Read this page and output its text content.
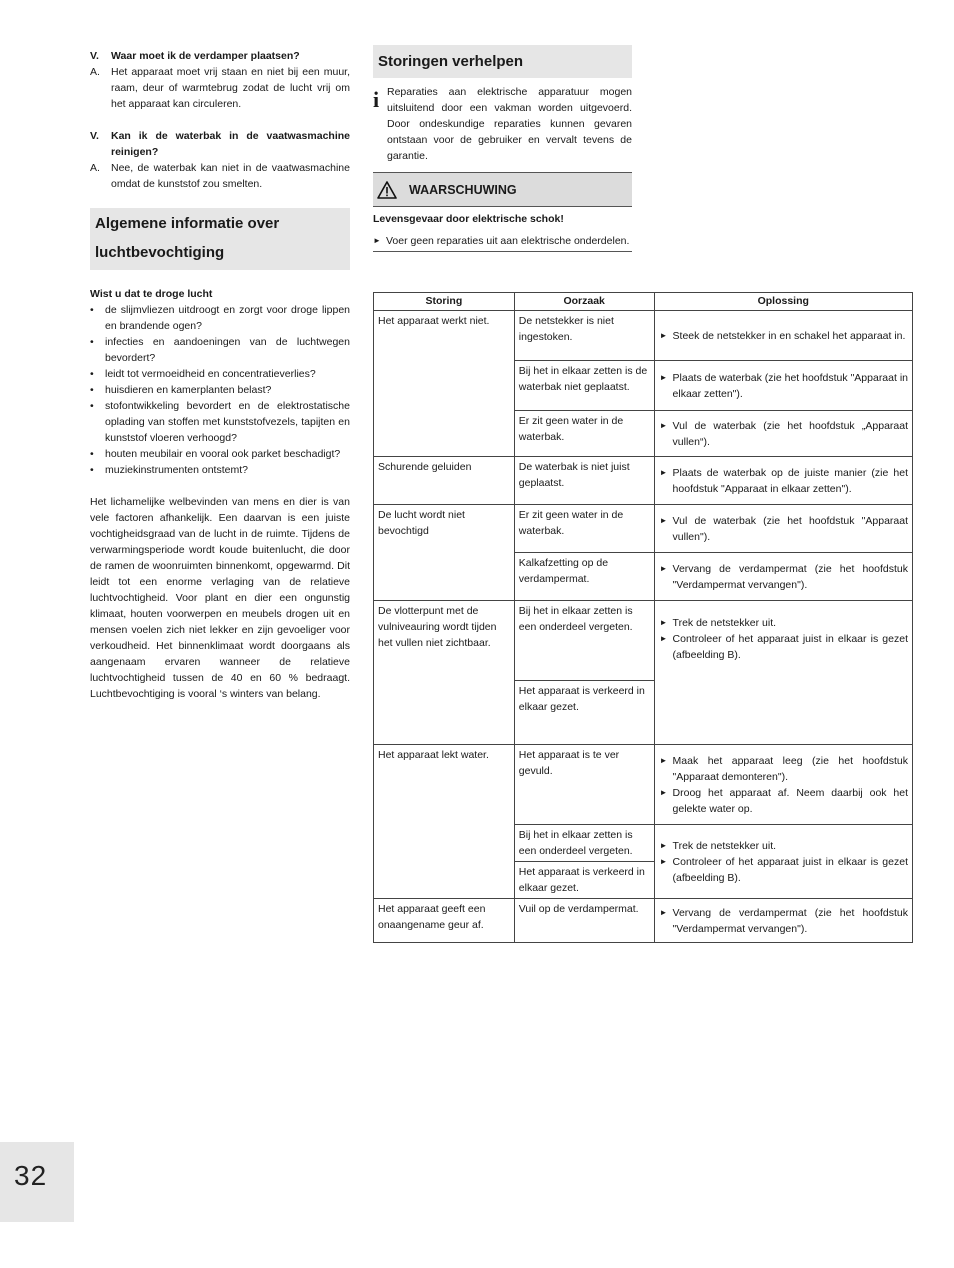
V.	Waar moet ik de verdamper plaatsen?
A.	Het apparaat moet vrij staan en niet bij een muur, raam, deur of warmtebrug zodat de lucht vrij om het apparaat kan circuleren.
V.	Kan ik de waterbak in de vaatwasmachine reinigen?
A.	Nee, de waterbak kan niet in de vaatwasmachine omdat de kunststof zou smelten.
Algemene informatie over luchtbevochtiging
Wist u dat te droge lucht
•	de slijmvliezen uitdroogt en zorgt voor droge lippen en brandende ogen?
•	infecties en aandoeningen van de luchtwegen bevordert?
•	leidt tot vermoeidheid en concentratieverlies?
•	huisdieren en kamerplanten belast?
•	stofontwikkeling bevordert en de elektrostatische oplading van stoffen met kunststofvezels, tapijten en kunststof vloeren verhoogd?
•	houten meubilair en vooral ook parket beschadigt?
•	muziekinstrumenten ontstemt?

Het lichamelijke welbevinden van mens en dier is van vele factoren afhankelijk. Een daarvan is een juiste vochtigheidsgraad van de lucht in de ruimte. Tijdens de verwarmingsperiode wordt koude buitenlucht, die door de ramen de woonruimten binnenkomt, opgewarmd. Dit leidt tot een enorme verlaging van de relatieve luchtvochtigheid. Voor plant en dier een ongunstig klimaat, houten voorwerpen en meubels drogen uit en mensen voelen zich niet lekker en zijn gevoeliger voor verkoudheid. Het binnenklimaat wordt doorgaans als aangenaam ervaren wanneer de relatieve luchtvochtigheid tussen de 40 en 60 % bedraagt. Luchtbevochtiging is vooral ‘s winters van belang.

Storingen verhelpen
i Reparaties aan elektrische apparatuur mogen uitsluitend door een vakman worden uitgevoerd. Door ondeskundige reparaties kunnen gevaren ontstaan voor de gebruiker en vervalt tevens de garantie.
WAARSCHUWING
Levensgevaar door elektrische schok!
► Voer geen reparaties uit aan elektrische onderdelen.
Storing	Oorzaak	Oplossing
Het apparaat werkt niet.	De netstekker is niet ingestoken.	► Steek de netstekker in en schakel het apparaat in.

	Bij het in elkaar zetten is de waterbak niet geplaatst.	► Plaats de waterbak (zie het hoofdstuk "Apparaat in elkaar zetten").

	Er zit geen water in de waterbak.	► Vul de waterbak (zie het hoofdstuk „Apparaat vullen“).

Schurende geluiden	De waterbak is niet juist geplaatst.	► Plaats de waterbak op de juiste manier (zie het hoofdstuk "Apparaat in elkaar zetten").

De lucht wordt niet bevochtigd	Er zit geen water in de waterbak.	► Vul de waterbak (zie het hoofdstuk "Apparaat vullen").

	Kalkafzetting op de verdampermat.	► Vervang de verdampermat (zie het hoofdstuk "Verdampermat vervangen").

De vlotterpunt met de vulniveauring wordt tijden het vullen niet zichtbaar.	Bij het in elkaar zetten is een onderdeel vergeten.	► Trek de netstekker uit.
► Controleer of het apparaat juist in elkaar is gezet (afbeelding B).

	Het apparaat is verkeerd in elkaar gezet.	
Het apparaat lekt water.	Het apparaat is te ver gevuld.	► Maak het apparaat leeg (zie het hoofdstuk "Apparaat demonteren").
► Droog het apparaat af. Neem daarbij ook het gelekte water op.

	Bij het in elkaar zetten is een onderdeel vergeten.	► Trek de netstekker uit.
► Controleer of het apparaat juist in elkaar is gezet (afbeelding B).

	Het apparaat is verkeerd in elkaar gezet.	
Het apparaat geeft een onaangename geur af.	Vuil op de verdampermat.	► Vervang de verdampermat (zie het hoofdstuk "Verdampermat vervangen").
32
